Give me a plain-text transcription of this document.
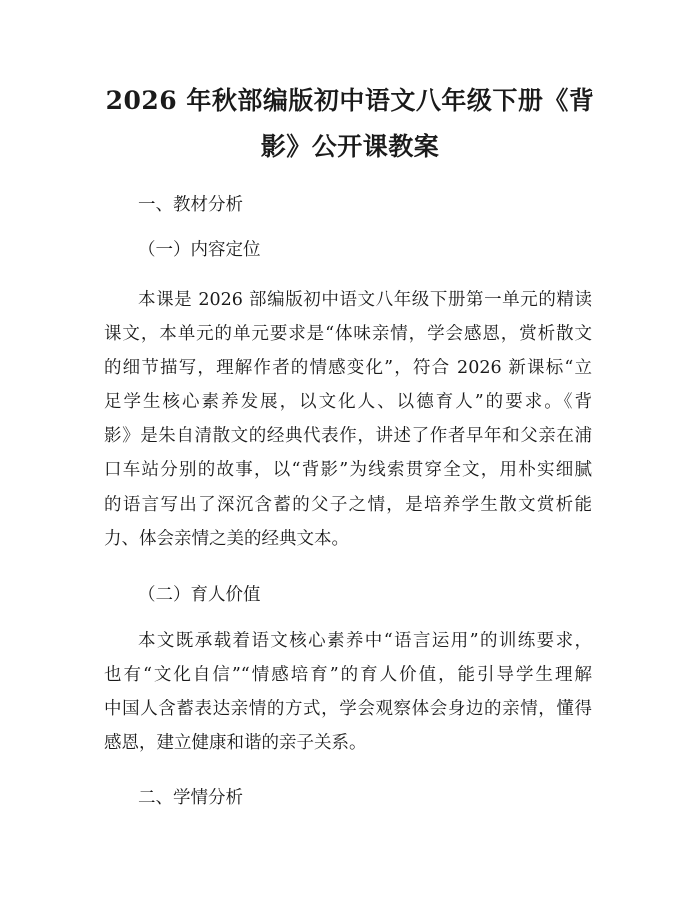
2026 年秋部编版初中语文八年级下册《背
影》公开课教案
一、教材分析
（一）内容定位
本课是 2026 部编版初中语文八年级下册第一单元的精读
课文，本单元的单元要求是“体味亲情，学会感恩，赏析散文
的细节描写，理解作者的情感变化”，符合 2026 新课标“立
足学生核心素养发展，以文化人、以德育人”的要求。《背
影》是朱自清散文的经典代表作，讲述了作者早年和父亲在浦
口车站分别的故事，以“背影”为线索贯穿全文，用朴实细腻
的语言写出了深沉含蓄的父子之情，是培养学生散文赏析能
力、体会亲情之美的经典文本。
（二）育人价值
本文既承载着语文核心素养中“语言运用”的训练要求，
也有“文化自信”“情感培育”的育人价值，能引导学生理解
中国人含蓄表达亲情的方式，学会观察体会身边的亲情，懂得
感恩，建立健康和谐的亲子关系。
二、学情分析
